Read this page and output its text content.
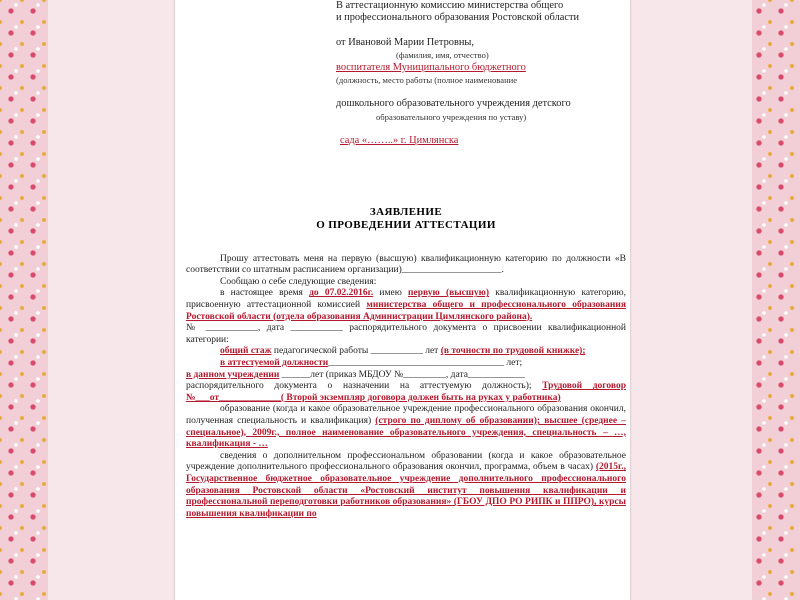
В аттестационную комиссию министерства общего
и профессионального образования Ростовской области
от Ивановой Марии Петровны,
(фамилия, имя, отчество)
воспитателя Муниципального бюджетного
(должность, место работы (полное наименование
дошкольного образовательного учреждения детского
образовательного учреждения по уставу)
сада «……..» г. Цимлянска
ЗАЯВЛЕНИЕ
О ПРОВЕДЕНИИ АТТЕСТАЦИИ

Прошу аттестовать меня на первую (высшую) квалификационную категорию по должности «В соответствии со штатным расписанием организации)_____________________.

Сообщаю о себе следующие сведения:

в настоящее время до 07.02.2016г. имею первую (высшую) квалификационную категорию, присвоенную аттестационной комиссией министерства общего и профессионального образования Ростовской области (отдела образования Администрации Цимлянского района).

№ ___________, дата ___________ распорядительного документа о присвоении квалификационной категории:

общий стаж педагогической работы ___________ лет (в точности по трудовой книжке);

в аттестуемой должности_____________________________________ лет;

в данном учреждении ______лет (приказ МБДОУ №_________, дата____________

распорядительного документа о назначении на аттестуемую должность); Трудовой договор №___от_____________( Второй экземпляр договора должен быть на руках у работника)

образование (когда и какое образовательное учреждение профессионального образования окончил, полученная специальность и квалификация) (строго по диплому об образовании); высшее (среднее – специальное), 2009г., полное наименование образовательного учреждения, специальность – …, квалификация - …

сведения о дополнительном профессиональном образовании (когда и какое образовательное учреждение дополнительного профессионального образования окончил, программа, объем в часах) (2015г., Государственное бюджетное образовательное учреждение дополнительного профессионального образования Ростовской области «Ростовский институт повышения квалификации и профессиональной переподготовки работников образования» (ГБОУ ДПО РО РИПК и ППРО), курсы повышения квалификации по
